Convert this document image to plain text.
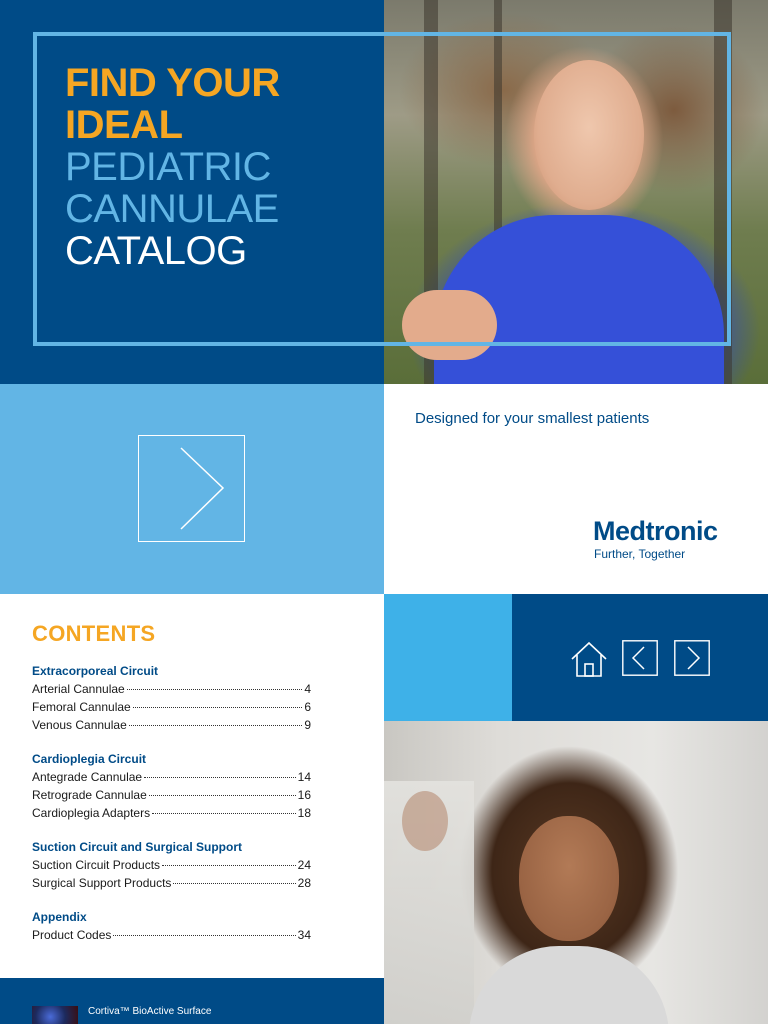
FIND YOUR
IDEAL
PEDIATRIC
CANNULAE
CATALOG
Designed for your smallest patients
Medtronic
Further, Together
CONTENTS
Extracorporeal Circuit
Arterial Cannulae	4
Femoral Cannulae	6
Venous Cannulae	9
Cardioplegia Circuit
Antegrade Cannulae	14
Retrograde Cannulae	16
Cardioplegia Adapters	18
Suction Circuit and Surgical Support
Suction Circuit Products	24
Surgical Support Products	28
Appendix
Product Codes	34
Cortiva™ BioActive Surface
